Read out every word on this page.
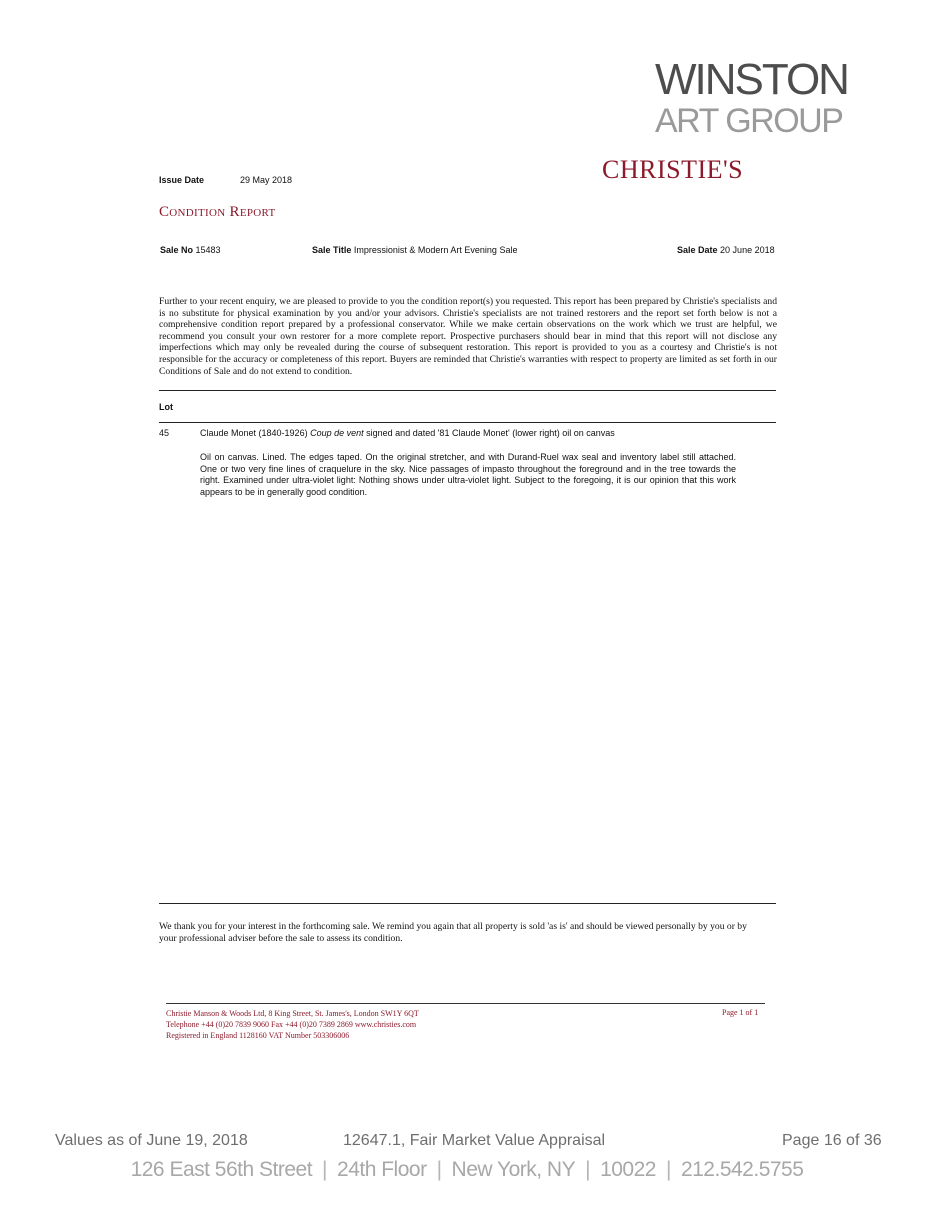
WINSTON
ART GROUP
CHRISTIE'S
Issue Date	29 May 2018
Condition Report
Sale No 15483	Sale Title Impressionist & Modern Art Evening Sale	Sale Date 20 June 2018
Further to your recent enquiry, we are pleased to provide to you the condition report(s) you requested. This report has been prepared by Christie's specialists and is no substitute for physical examination by you and/or your advisors. Christie's specialists are not trained restorers and the report set forth below is not a comprehensive condition report prepared by a professional conservator. While we make certain observations on the work which we trust are helpful, we recommend you consult your own restorer for a more complete report. Prospective purchasers should bear in mind that this report will not disclose any imperfections which may only be revealed during the course of subsequent restoration. This report is provided to you as a courtesy and Christie's is not responsible for the accuracy or completeness of this report. Buyers are reminded that Christie's warranties with respect to property are limited as set forth in our Conditions of Sale and do not extend to condition.
Lot
45	Claude Monet (1840-1926) Coup de vent signed and dated '81 Claude Monet' (lower right) oil on canvas
Oil on canvas. Lined. The edges taped. On the original stretcher, and with Durand-Ruel wax seal and inventory label still attached. One or two very fine lines of craquelure in the sky. Nice passages of impasto throughout the foreground and in the tree towards the right. Examined under ultra-violet light: Nothing shows under ultra-violet light. Subject to the foregoing, it is our opinion that this work appears to be in generally good condition.
We thank you for your interest in the forthcoming sale. We remind you again that all property is sold 'as is' and should be viewed personally by you or by your professional adviser before the sale to assess its condition.
Christie Manson & Woods Ltd, 8 King Street, St. James's, London SW1Y 6QT
Telephone +44 (0)20 7839 9060 Fax +44 (0)20 7389 2869 www.christies.com
Registered in England 1128160 VAT Number 503306006
Page 1 of 1
Values as of June 19, 2018	12647.1, Fair Market Value Appraisal	Page 16 of 36
126 East 56th Street | 24th Floor | New York, NY | 10022 | 212.542.5755
